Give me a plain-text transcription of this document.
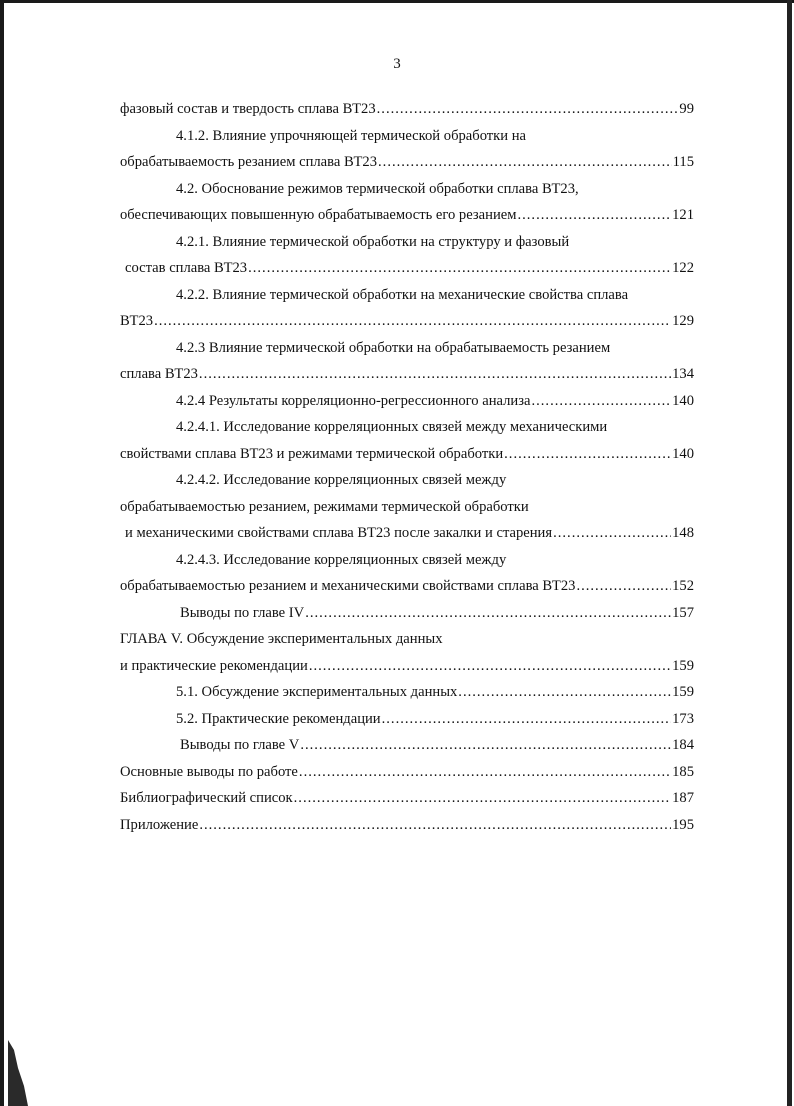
3
фазовый состав и твердость сплава ВТ23 .....	99
4.1.2. Влияние упрочняющей термической обработки на
обрабатываемость резанием сплава ВТ23 .....	115
4.2. Обоснование режимов термической обработки сплава ВТ23,
обеспечивающих повышенную обрабатываемость его резанием .....	121
4.2.1. Влияние термической обработки на структуру и фазовый
состав сплава ВТ23 .....	122
4.2.2. Влияние термической обработки на механические свойства сплава
ВТ23 .....	129
4.2.3 Влияние термической обработки на обрабатываемость резанием
сплава ВТ23 .....	134
4.2.4 Результаты корреляционно-регрессионного анализа .....	140
4.2.4.1. Исследование корреляционных связей между механическими
свойствами сплава ВТ23 и режимами термической обработки .....	140
4.2.4.2. Исследование корреляционных связей между
обрабатываемостью резанием, режимами термической обработки
и механическими свойствами сплава ВТ23 после закалки и старения .....	148
4.2.4.3. Исследование корреляционных связей между
обрабатываемостью резанием и механическими свойствами сплава ВТ23 .....	152
Выводы по главе IV .....	157
ГЛАВА V. Обсуждение экспериментальных данных
и практические рекомендации .....	159
5.1. Обсуждение экспериментальных данных .....	159
5.2. Практические рекомендации .....	173
Выводы по главе V .....	184
Основные выводы по работе .....	185
Библиографический список .....	187
Приложение .....	195
